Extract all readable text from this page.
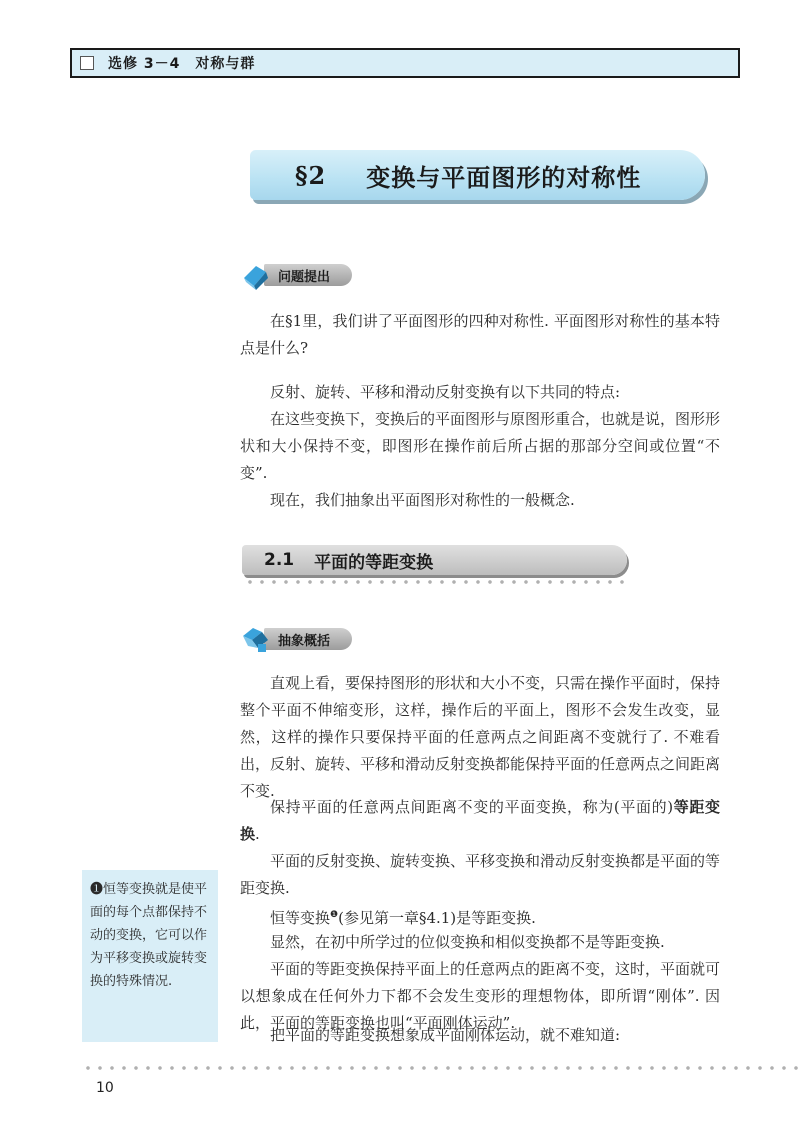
选修 3－4　对称与群
§2 变换与平面图形的对称性
问题提出

在§1里，我们讲了平面图形的四种对称性. 平面图形对称性的基本特点是什么?

反射、旋转、平移和滑动反射变换有以下共同的特点:

在这些变换下，变换后的平面图形与原图形重合，也就是说，图形形状和大小保持不变，即图形在操作前后所占据的那部分空间或位置“不变”.

现在，我们抽象出平面图形对称性的一般概念.

2.1 平面的等距变换
抽象概括

直观上看，要保持图形的形状和大小不变，只需在操作平面时，保持整个平面不伸缩变形，这样，操作后的平面上，图形不会发生改变，显然，这样的操作只要保持平面的任意两点之间距离不变就行了. 不难看出，反射、旋转、平移和滑动反射变换都能保持平面的任意两点之间距离不变.

保持平面的任意两点间距离不变的平面变换，称为(平面的)等距变换.

平面的反射变换、旋转变换、平移变换和滑动反射变换都是平面的等距变换.

恒等变换$^❶$(参见第一章§4.1)是等距变换.

显然，在初中所学过的位似变换和相似变换都不是等距变换.

平面的等距变换保持平面上的任意两点的距离不变，这时，平面就可以想象成在任何外力下都不会发生变形的理想物体，即所谓“刚体”. 因此，平面的等距变换也叫“平面刚体运动”.

把平面的等距变换想象成平面刚体运动，就不难知道:

❶恒等变换就是使平面的每个点都保持不动的变换，它可以作为平移变换或旋转变换的特殊情况.
10
